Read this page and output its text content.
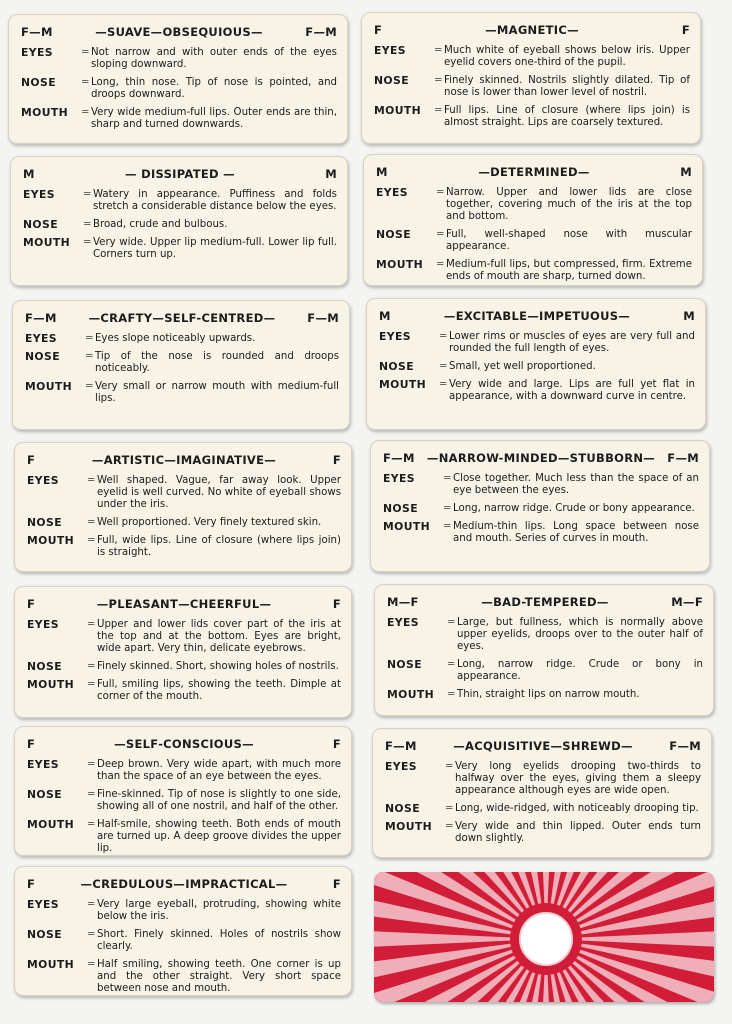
F—M	—SUAVE—OBSEQUIOUS—	F—M
EYES	= Not narrow and with outer ends of the eyes sloping downward.
NOSE	= Long, thin nose. Tip of nose is pointed, and droops downward.
MOUTH	= Very wide medium-full lips. Outer ends are thin, sharp and turned downwards.
F	—MAGNETIC—	F
EYES	= Much white of eyeball shows below iris. Upper eyelid covers one-third of the pupil.
NOSE	= Finely skinned. Nostrils slightly dilated. Tip of nose is lower than lower level of nostril.
MOUTH	= Full lips. Line of closure (where lips join) is almost straight. Lips are coarsely textured.
M	— DISSIPATED —	M
EYES	= Watery in appearance. Puffiness and folds stretch a considerable distance below the eyes.
NOSE	= Broad, crude and bulbous.
MOUTH	= Very wide. Upper lip medium-full. Lower lip full. Corners turn up.
M	—DETERMINED—	M
EYES	= Narrow. Upper and lower lids are close together, covering much of the iris at the top and bottom.
NOSE	= Full, well-shaped nose with muscular appearance.
MOUTH	= Medium-full lips, but compressed, firm. Extreme ends of mouth are sharp, turned down.
F—M	—CRAFTY—SELF-CENTRED—	F—M
EYES	= Eyes slope noticeably upwards.
NOSE	= Tip of the nose is rounded and droops noticeably.
MOUTH	= Very small or narrow mouth with medium-full lips.
M	—EXCITABLE—IMPETUOUS—	M
EYES	= Lower rims or muscles of eyes are very full and rounded the full length of eyes.
NOSE	= Small, yet well proportioned.
MOUTH	= Very wide and large. Lips are full yet flat in appearance, with a downward curve in centre.
F	—ARTISTIC—IMAGINATIVE—	F
EYES	= Well shaped. Vague, far away look. Upper eyelid is well curved. No white of eyeball shows under the iris.
NOSE	= Well proportioned. Very finely textured skin.
MOUTH	= Full, wide lips. Line of closure (where lips join) is straight.
F—M	—NARROW-MINDED—STUBBORN—	F—M
EYES	= Close together. Much less than the space of an eye between the eyes.
NOSE	= Long, narrow ridge. Crude or bony appearance.
MOUTH	= Medium-thin lips. Long space between nose and mouth. Series of curves in mouth.
F	—PLEASANT—CHEERFUL—	F
EYES	= Upper and lower lids cover part of the iris at the top and at the bottom. Eyes are bright, wide apart. Very thin, delicate eyebrows.
NOSE	= Finely skinned. Short, showing holes of nostrils.
MOUTH	= Full, smiling lips, showing the teeth. Dimple at corner of the mouth.
M—F	—BAD-TEMPERED—	M—F
EYES	= Large, but fullness, which is normally above upper eyelids, droops over to the outer half of eyes.
NOSE	= Long, narrow ridge. Crude or bony in appearance.
MOUTH	= Thin, straight lips on narrow mouth.
F	—SELF-CONSCIOUS—	F
EYES	= Deep brown. Very wide apart, with much more than the space of an eye between the eyes.
NOSE	= Fine-skinned. Tip of nose is slightly to one side, showing all of one nostril, and half of the other.
MOUTH	= Half-smile, showing teeth. Both ends of mouth are turned up. A deep groove divides the upper lip.
F—M	—ACQUISITIVE—SHREWD—	F—M
EYES	= Very long eyelids drooping two-thirds to halfway over the eyes, giving them a sleepy appearance although eyes are wide open.
NOSE	= Long, wide-ridged, with noticeably drooping tip.
MOUTH	= Very wide and thin lipped. Outer ends turn down slightly.
F	—CREDULOUS—IMPRACTICAL—	F
EYES	= Very large eyeball, protruding, showing white below the iris.
NOSE	= Short. Finely skinned. Holes of nostrils show clearly.
MOUTH	= Half smiling, showing teeth. One corner is up and the other straight. Very short space between nose and mouth.
